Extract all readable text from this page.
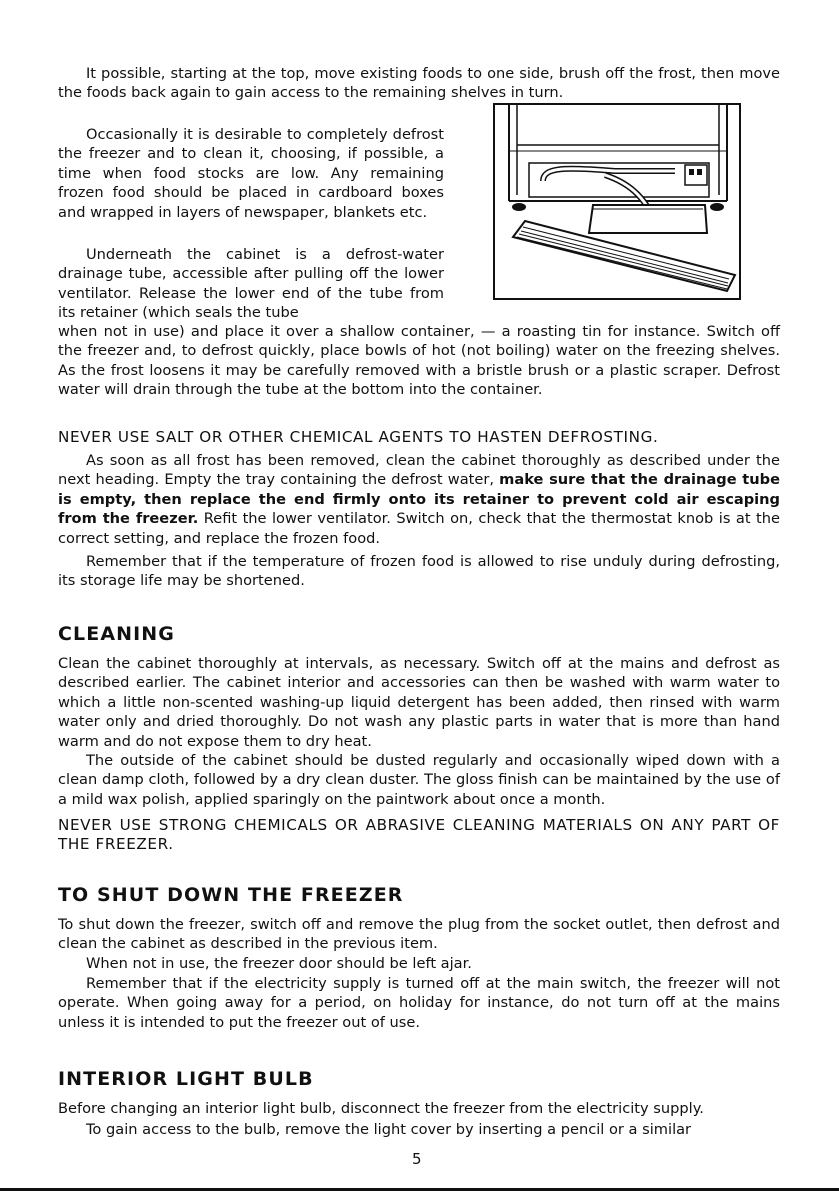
It possible, starting at the top, move existing foods to one side, brush off the frost, then move the foods back again to gain access to the remaining shelves in turn.

Occasionally it is desirable to completely defrost the freezer and to clean it, choosing, if possible, a time when food stocks are low. Any remaining frozen food should be placed in cardboard boxes and wrapped in layers of newspaper, blankets etc.

Underneath the cabinet is a defrost-water drainage tube, accessible after pulling off the lower ventilator. Release the lower end of the tube from its retainer (which seals the tube

when not in use) and place it over a shallow container, — a roasting tin for instance. Switch off the freezer and, to defrost quickly, place bowls of hot (not boiling) water on the freezing shelves. As the frost loosens it may be carefully removed with a bristle brush or a plastic scraper. Defrost water will drain through the tube at the bottom into the container.

NEVER USE SALT OR OTHER CHEMICAL AGENTS TO HASTEN DEFROSTING.

As soon as all frost has been removed, clean the cabinet thoroughly as described under the next heading. Empty the tray containing the defrost water, make sure that the drainage tube is empty, then replace the end firmly onto its retainer to prevent cold air escaping from the freezer. Refit the lower ventilator. Switch on, check that the thermostat knob is at the correct setting, and replace the frozen food.

Remember that if the temperature of frozen food is allowed to rise unduly during defrosting, its storage life may be shortened.

CLEANING

Clean the cabinet thoroughly at intervals, as necessary. Switch off at the mains and defrost as described earlier. The cabinet interior and accessories can then be washed with warm water to which a little non-scented washing-up liquid detergent has been added, then rinsed with warm water only and dried thoroughly. Do not wash any plastic parts in water that is more than hand warm and do not expose them to dry heat.

The outside of the cabinet should be dusted regularly and occasionally wiped down with a clean damp cloth, followed by a dry clean duster. The gloss finish can be maintained by the use of a mild wax polish, applied sparingly on the paintwork about once a month.

NEVER USE STRONG CHEMICALS OR ABRASIVE CLEANING MATERIALS ON ANY PART OF THE FREEZER.

TO SHUT DOWN THE FREEZER

To shut down the freezer, switch off and remove the plug from the socket outlet, then defrost and clean the cabinet as described in the previous item.

When not in use, the freezer door should be left ajar.

Remember that if the electricity supply is turned off at the main switch, the freezer will not operate. When going away for a period, on holiday for instance, do not turn off at the mains unless it is intended to put the freezer out of use.

INTERIOR LIGHT BULB

Before changing an interior light bulb, disconnect the freezer from the electricity supply.

To gain access to the bulb, remove the light cover by inserting a pencil or a similar

5
